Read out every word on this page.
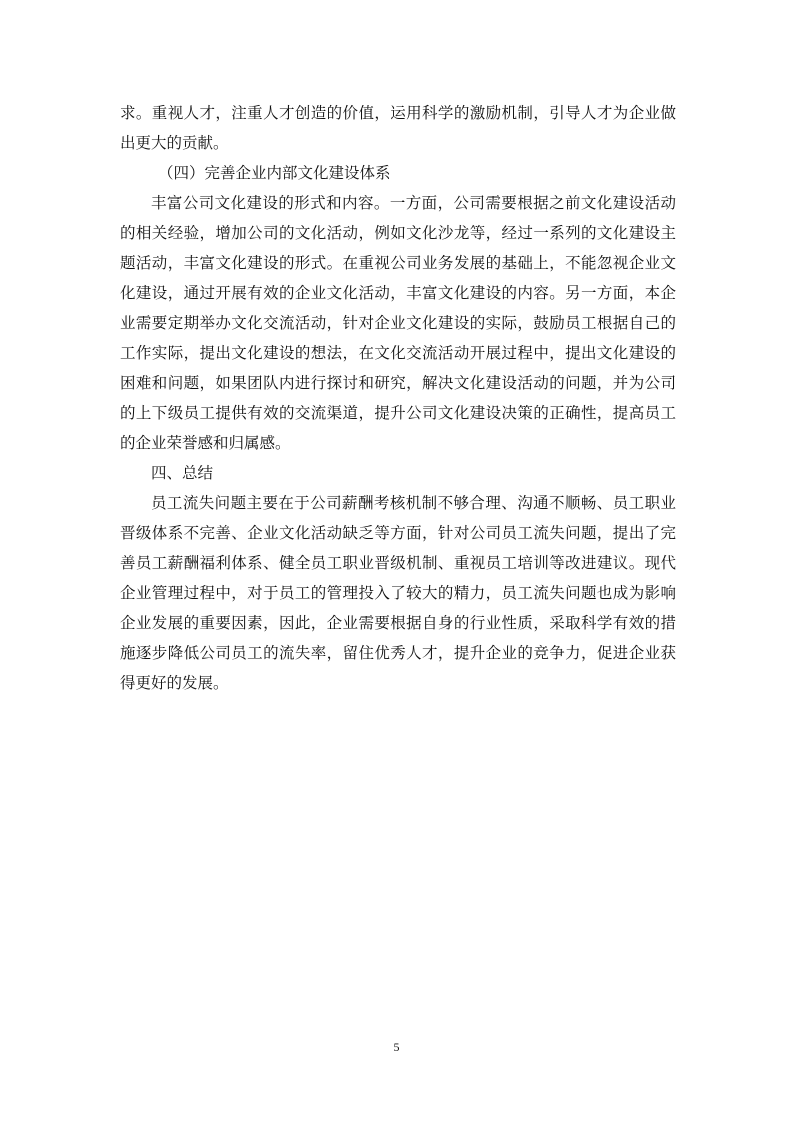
求。重视人才，注重人才创造的价值，运用科学的激励机制，引导人才为企业做
出更大的贡献。
（四）完善企业内部文化建设体系
丰富公司文化建设的形式和内容。一方面，公司需要根据之前文化建设活动
的相关经验，增加公司的文化活动，例如文化沙龙等，经过一系列的文化建设主
题活动，丰富文化建设的形式。在重视公司业务发展的基础上，不能忽视企业文
化建设，通过开展有效的企业文化活动，丰富文化建设的内容。另一方面，本企
业需要定期举办文化交流活动，针对企业文化建设的实际，鼓励员工根据自己的
工作实际，提出文化建设的想法，在文化交流活动开展过程中，提出文化建设的
困难和问题，如果团队内进行探讨和研究，解决文化建设活动的问题，并为公司
的上下级员工提供有效的交流渠道，提升公司文化建设决策的正确性，提高员工
的企业荣誉感和归属感。
四、总结
员工流失问题主要在于公司薪酬考核机制不够合理、沟通不顺畅、员工职业
晋级体系不完善、企业文化活动缺乏等方面，针对公司员工流失问题，提出了完
善员工薪酬福利体系、健全员工职业晋级机制、重视员工培训等改进建议。现代
企业管理过程中，对于员工的管理投入了较大的精力，员工流失问题也成为影响
企业发展的重要因素，因此，企业需要根据自身的行业性质，采取科学有效的措
施逐步降低公司员工的流失率，留住优秀人才，提升企业的竞争力，促进企业获
得更好的发展。
5
